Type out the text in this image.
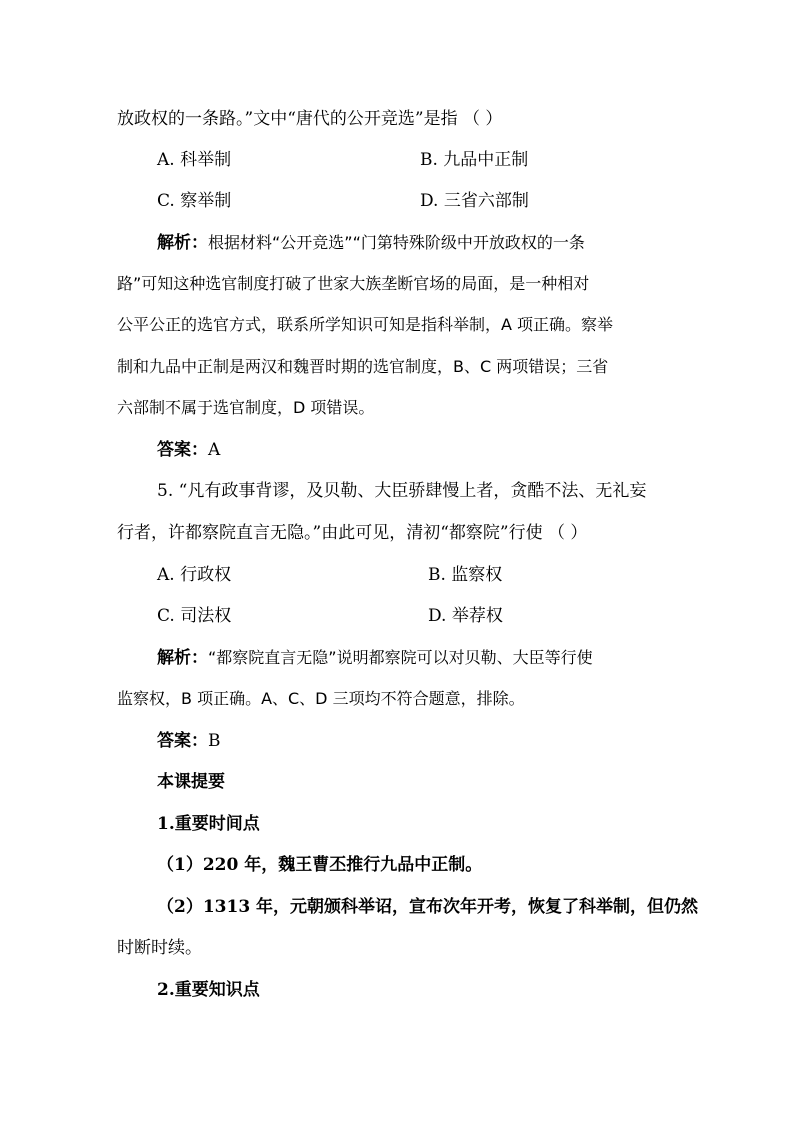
放政权的一条路。”文中“唐代的公开竞选”是指 （ ）
A. 科举制	B. 九品中正制
C. 察举制	D. 三省六部制
解析：根据材料“公开竞选”“门第特殊阶级中开放政权的一条
路”可知这种选官制度打破了世家大族垄断官场的局面，是一种相对
公平公正的选官方式，联系所学知识可知是指科举制，A 项正确。察举
制和九品中正制是两汉和魏晋时期的选官制度，B、C 两项错误；三省
六部制不属于选官制度，D 项错误。
答案：A
5. “凡有政事背谬，及贝勒、大臣骄肆慢上者，贪酷不法、无礼妄
行者，许都察院直言无隐。”由此可见，清初“都察院”行使 （ ）
A. 行政权	B. 监察权
C. 司法权	D. 举荐权
解析：“都察院直言无隐”说明都察院可以对贝勒、大臣等行使
监察权，B 项正确。A、C、D 三项均不符合题意，排除。
答案：B
本课提要
1.重要时间点
（1）220 年，魏王曹丕推行九品中正制。
（2）1313 年，元朝颁科举诏，宣布次年开考，恢复了科举制，但仍然
时断时续。
2.重要知识点
